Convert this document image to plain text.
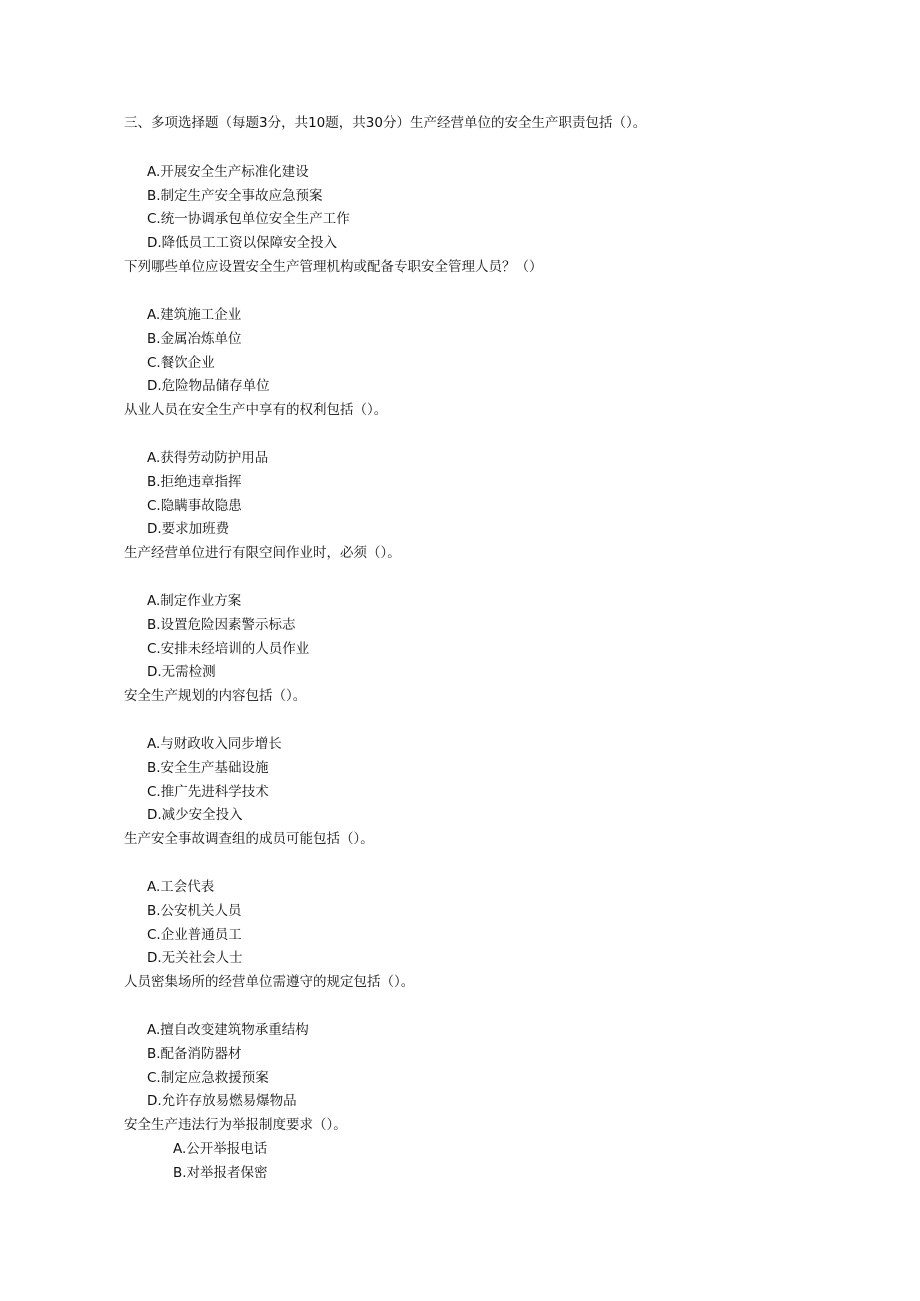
三、多项选择题（每题3分，共10题，共30分）生产经营单位的安全生产职责包括（）。
A.开展安全生产标准化建设
B.制定生产安全事故应急预案
C.统一协调承包单位安全生产工作
D.降低员工工资以保障安全投入
下列哪些单位应设置安全生产管理机构或配备专职安全管理人员？（）
A.建筑施工企业
B.金属冶炼单位
C.餐饮企业
D.危险物品储存单位
从业人员在安全生产中享有的权利包括（）。
A.获得劳动防护用品
B.拒绝违章指挥
C.隐瞒事故隐患
D.要求加班费
生产经营单位进行有限空间作业时，必须（）。
A.制定作业方案
B.设置危险因素警示标志
C.安排未经培训的人员作业
D.无需检测
安全生产规划的内容包括（）。
A.与财政收入同步增长
B.安全生产基础设施
C.推广先进科学技术
D.减少安全投入
生产安全事故调查组的成员可能包括（）。
A.工会代表
B.公安机关人员
C.企业普通员工
D.无关社会人士
人员密集场所的经营单位需遵守的规定包括（）。
A.擅自改变建筑物承重结构
B.配备消防器材
C.制定应急救援预案
D.允许存放易燃易爆物品
安全生产违法行为举报制度要求（）。
A.公开举报电话
B.对举报者保密
